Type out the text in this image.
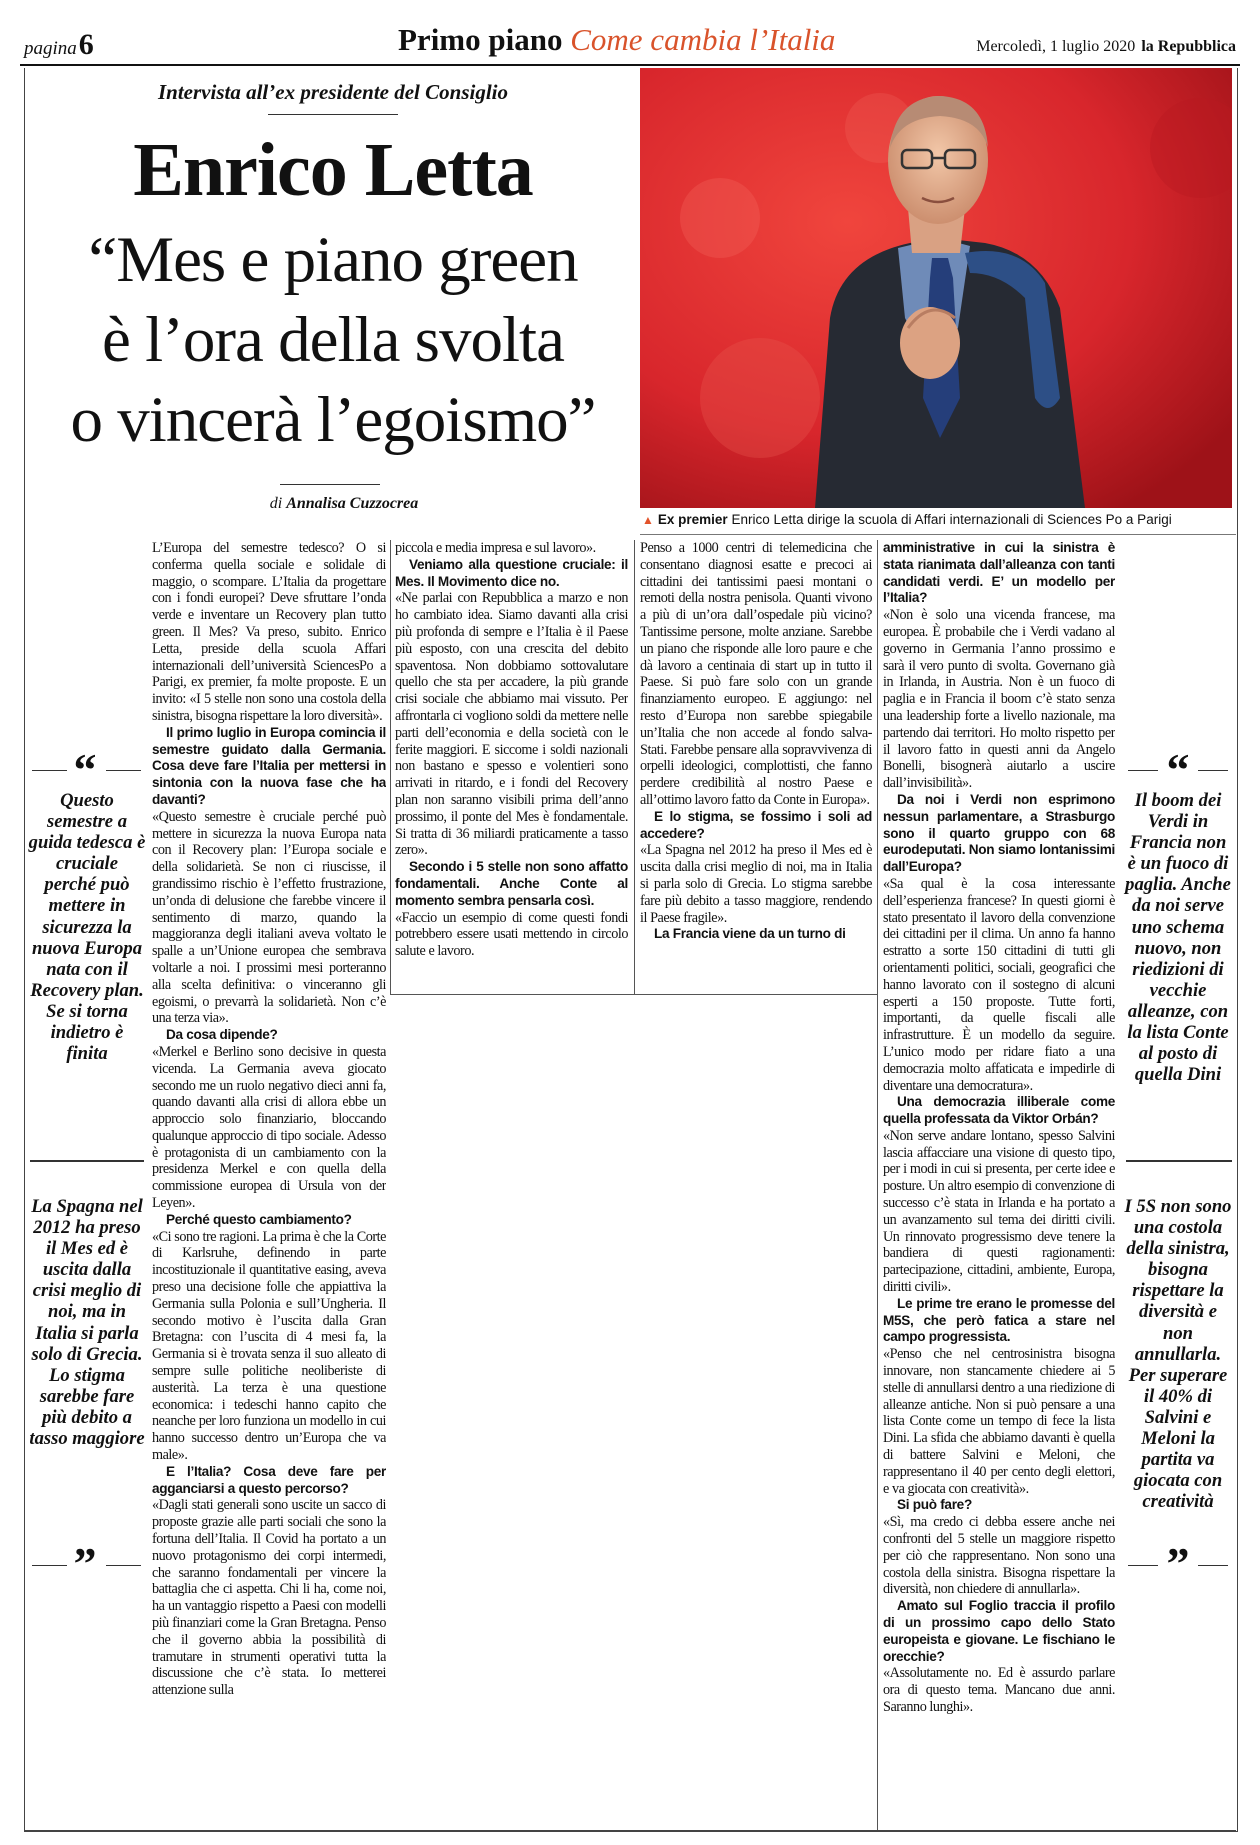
pagina6	Primo piano Come cambia l’Italia	Mercoledì, 1 luglio 2020 la Repubblica
Intervista all’ex presidente del Consiglio
Enrico Letta
“Mes e piano green
è l’ora della svolta
o vincerà l’egoismo”
di Annalisa Cuzzocrea
▲ Ex premier Enrico Letta dirige la scuola di Affari internazionali di Sciences Po a Parigi

L’Europa del semestre tedesco? O si conferma quella sociale e solidale di maggio, o scompare. L’Italia da progettare con i fondi europei? Deve sfruttare l’onda verde e inventare un Recovery plan tutto green. Il Mes? Va preso, subito. Enrico Letta, preside della scuola Affari internazionali dell’università SciencesPo a Parigi, ex premier, fa molte proposte. E un invito: «I 5 stelle non sono una costola della sinistra, bisogna rispettare la loro diversità».

Il primo luglio in Europa comincia il semestre guidato dalla Germania. Cosa deve fare l’Italia per mettersi in sintonia con la nuova fase che ha davanti?

«Questo semestre è cruciale perché può mettere in sicurezza la nuova Europa nata con il Recovery plan: l’Europa sociale e della solidarietà. Se non ci riuscisse, il grandissimo rischio è l’effetto frustrazione, un’onda di delusione che farebbe vincere il sentimento di marzo, quando la maggioranza degli italiani aveva voltato le spalle a un’Unione europea che sembrava voltarle a noi. I prossimi mesi porteranno alla scelta definitiva: o vinceranno gli egoismi, o prevarrà la solidarietà. Non c’è una terza via».

Da cosa dipende?

«Merkel e Berlino sono decisive in questa vicenda. La Germania aveva giocato secondo me un ruolo negativo dieci anni fa, quando davanti alla crisi di allora ebbe un approccio solo finanziario, bloccando qualunque approccio di tipo sociale. Adesso è protagonista di un cambiamento con la presidenza Merkel e con quella della commissione europea di Ursula von der Leyen».

Perché questo cambiamento?

«Ci sono tre ragioni. La prima è che la Corte di Karlsruhe, definendo in parte incostituzionale il quantitative easing, aveva preso una decisione folle che appiattiva la Germania sulla Polonia e sull’Ungheria. Il secondo motivo è l’uscita dalla Gran Bretagna: con l’uscita di 4 mesi fa, la Germania si è trovata senza il suo alleato di sempre sulle politiche neoliberiste di austerità. La terza è una questione economica: i tedeschi hanno capito che neanche per loro funziona un modello in cui hanno successo dentro un’Europa che va male».

E l’Italia? Cosa deve fare per agganciarsi a questo percorso?

«Dagli stati generali sono uscite un sacco di proposte grazie alle parti sociali che sono la fortuna dell’Italia. Il Covid ha portato a un nuovo protagonismo dei corpi intermedi, che saranno fondamentali per vincere la battaglia che ci aspetta. Chi li ha, come noi, ha un vantaggio rispetto a Paesi con modelli più finanziari come la Gran Bretagna. Penso che il governo abbia la possibilità di tramutare in strumenti operativi tutta la discussione che c’è stata. Io metterei attenzione sulla

piccola e media impresa e sul lavoro».

Veniamo alla questione cruciale: il Mes. Il Movimento dice no.

«Ne parlai con Repubblica a marzo e non ho cambiato idea. Siamo davanti alla crisi più profonda di sempre e l’Italia è il Paese più esposto, con una crescita del debito spaventosa. Non dobbiamo sottovalutare quello che sta per accadere, la più grande crisi sociale che abbiamo mai vissuto. Per affrontarla ci vogliono soldi da mettere nelle parti dell’economia e della società con le ferite maggiori. E siccome i soldi nazionali non bastano e spesso e volentieri sono arrivati in ritardo, e i fondi del Recovery plan non saranno visibili prima dell’anno prossimo, il ponte del Mes è fondamentale. Si tratta di 36 miliardi praticamente a tasso zero».

Secondo i 5 stelle non sono affatto fondamentali. Anche Conte al momento sembra pensarla così.

«Faccio un esempio di come questi fondi potrebbero essere usati mettendo in circolo salute e lavoro.

Penso a 1000 centri di telemedicina che consentano diagnosi esatte e precoci ai cittadini dei tantissimi paesi montani o remoti della nostra penisola. Quanti vivono a più di un’ora dall’ospedale più vicino? Tantissime persone, molte anziane. Sarebbe un piano che risponde alle loro paure e che dà lavoro a centinaia di start up in tutto il Paese. Si può fare solo con un grande finanziamento europeo. E aggiungo: nel resto d’Europa non sarebbe spiegabile un’Italia che non accede al fondo salva-Stati. Farebbe pensare alla sopravvivenza di orpelli ideologici, complottisti, che fanno perdere credibilità al nostro Paese e all’ottimo lavoro fatto da Conte in Europa».

E lo stigma, se fossimo i soli ad accedere?

«La Spagna nel 2012 ha preso il Mes ed è uscita dalla crisi meglio di noi, ma in Italia si parla solo di Grecia. Lo stigma sarebbe fare più debito a tasso maggiore, rendendo il Paese fragile».

La Francia viene da un turno di

amministrative in cui la sinistra è stata rianimata dall’alleanza con tanti candidati verdi. E’ un modello per l’Italia?

«Non è solo una vicenda francese, ma europea. È probabile che i Verdi vadano al governo in Germania l’anno prossimo e sarà il vero punto di svolta. Governano già in Irlanda, in Austria. Non è un fuoco di paglia e in Francia il boom c’è stato senza una leadership forte a livello nazionale, ma partendo dai territori. Ho molto rispetto per il lavoro fatto in questi anni da Angelo Bonelli, bisognerà aiutarlo a uscire dall’invisibilità».

Da noi i Verdi non esprimono nessun parlamentare, a Strasburgo sono il quarto gruppo con 68 eurodeputati. Non siamo lontanissimi dall’Europa?

«Sa qual è la cosa interessante dell’esperienza francese? In questi giorni è stato presentato il lavoro della convenzione dei cittadini per il clima. Un anno fa hanno estratto a sorte 150 cittadini di tutti gli orientamenti politici, sociali, geografici che hanno lavorato con il sostegno di alcuni esperti a 150 proposte. Tutte forti, importanti, da quelle fiscali alle infrastrutture. È un modello da seguire. L’unico modo per ridare fiato a una democrazia molto affaticata e impedirle di diventare una democratura».

Una democrazia illiberale come quella professata da Viktor Orbán?

«Non serve andare lontano, spesso Salvini lascia affacciare una visione di questo tipo, per i modi in cui si presenta, per certe idee e posture. Un altro esempio di convenzione di successo c’è stata in Irlanda e ha portato a un avanzamento sul tema dei diritti civili. Un rinnovato progressismo deve tenere la bandiera di questi ragionamenti: partecipazione, cittadini, ambiente, Europa, diritti civili».

Le prime tre erano le promesse del M5S, che però fatica a stare nel campo progressista.

«Penso che nel centrosinistra bisogna innovare, non stancamente chiedere ai 5 stelle di annullarsi dentro a una riedizione di alleanze antiche. Non si può pensare a una lista Conte come un tempo di fece la lista Dini. La sfida che abbiamo davanti è quella di battere Salvini e Meloni, che rappresentano il 40 per cento degli elettori, e va giocata con creatività».

Si può fare?

«Sì, ma credo ci debba essere anche nei confronti del 5 stelle un maggiore rispetto per ciò che rappresentano. Non sono una costola della sinistra. Bisogna rispettare la diversità, non chiedere di annullarla».

Amato sul Foglio traccia il profilo di un prossimo capo dello Stato europeista e giovane. Le fischiano le orecchie?

«Assolutamente no. Ed è assurdo parlare ora di questo tema. Mancano due anni. Saranno lunghi».

“
Questo semestre a guida tedesca è cruciale perché può mettere in sicurezza la nuova Europa nata con il Recovery plan. Se si torna indietro è finita
La Spagna nel 2012 ha preso il Mes ed è uscita dalla crisi meglio di noi, ma in Italia si parla solo di Grecia. Lo stigma sarebbe fare più debito a tasso maggiore
”
“
Il boom dei Verdi in Francia non è un fuoco di paglia. Anche da noi serve uno schema nuovo, non riedizioni di vecchie alleanze, con la lista Conte al posto di quella Dini
I 5S non sono una costola della sinistra, bisogna rispettare la diversità e non annullarla. Per superare il 40% di Salvini e Meloni la partita va giocata con creatività
”
